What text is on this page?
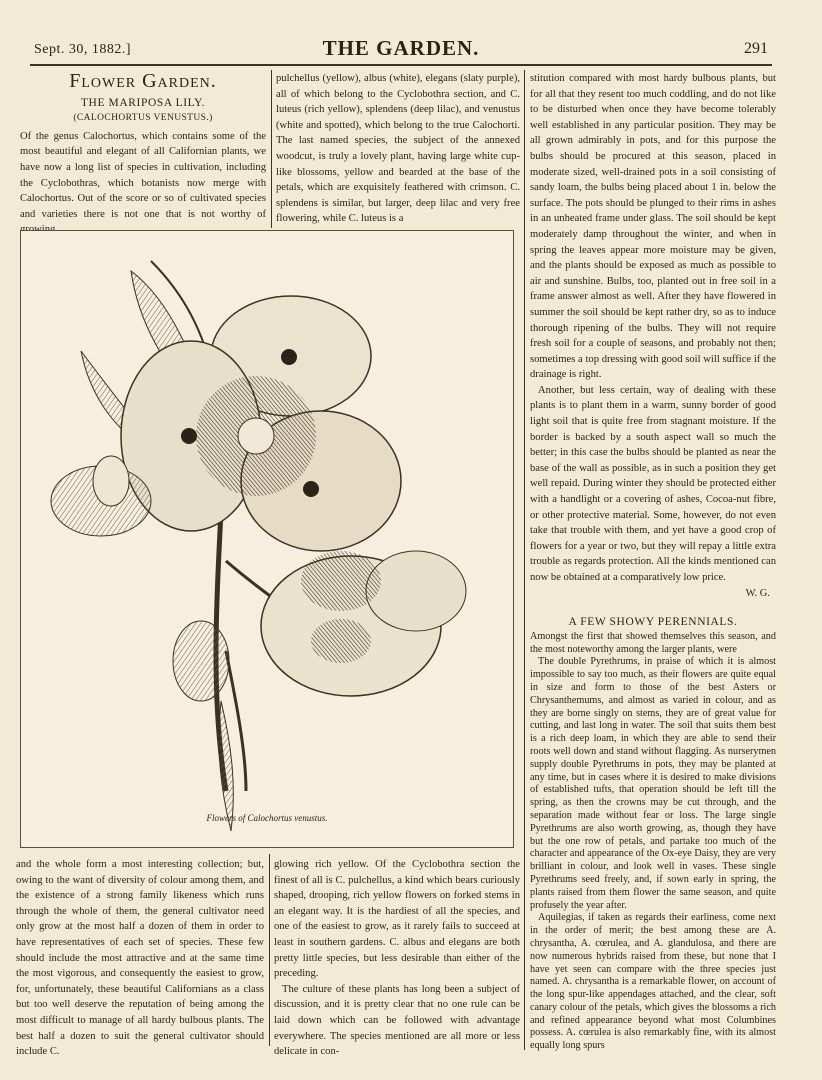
Sept. 30, 1882.]	THE GARDEN.	291
Flower Garden.
THE MARIPOSA LILY.
(CALOCHORTUS VENUSTUS.)

Of the genus Calochortus, which contains some of the most beautiful and elegant of all Californian plants, we have now a long list of species in cultivation, including the Cyclobothras, which botanists now merge with Calochortus. Out of the score or so of cultivated species and varieties there is not one that is not worthy of

pulchellus (yellow), albus (white), elegans (slaty purple), all of which belong to the Cyclobothra section, and C. luteus (rich yellow), splendens (deep lilac), and venustus (white and spotted), which belong to the true Calochorti. The last named species, the subject of the annexed woodcut, is truly a lovely plant, having large white cup-like blossoms, yellow and bearded at the base of the petals, which are exquisitely feathered with crimson. C. splendens is similar, but larger, deep lilac and very free flowering, while C. luteus is a

Flowers of Calochortus venustus.

and the whole form a most interesting collection; but, owing to the want of diversity of colour among them, and the existence of a strong family likeness which runs through the whole of them, the general cultivator need only grow at the most half a dozen of them in order to have representatives of each set of species. These few should include the most attractive and at the same time the most vigorous, and consequently the easiest to grow, for, unfortunately, these beautiful Californians as a class but too well deserve the reputation of being among the most difficult to manage of all hardy bulbous plants. The best half a dozen to suit the general cultivator should include C.

glowing rich yellow. Of the Cyclobothra section the finest of all is C. pulchellus, a kind which bears curiously shaped, drooping, rich yellow flowers on forked stems in an elegant way. It is the hardiest of all the species, and one of the easiest to grow, as it rarely fails to succeed at least in southern gardens. C. albus and elegans are both pretty little species, but less desirable than either of the preceding.

The culture of these plants has long been a subject of discussion, and it is pretty clear that no one rule can be laid down which can be followed with advantage everywhere. The species mentioned are all more or less delicate in con-

stitution compared with most hardy bulbous plants, but for all that they resent too much coddling, and do not like to be disturbed when once they have become tolerably well established in any particular position. They may be all grown admirably in pots, and for this purpose the bulbs should be procured at this season, placed in moderate sized, well-drained pots in a soil consisting of sandy loam, the bulbs being placed about 1 in. below the surface. The pots should be plunged to their rims in ashes in an unheated frame under glass. The soil should be kept moderately damp throughout the winter, and when in spring the leaves appear more moisture may be given, and the plants should be exposed as much as possible to air and sunshine. Bulbs, too, planted out in free soil in a frame answer almost as well. After they have flowered in summer the soil should be kept rather dry, so as to induce thorough ripening of the bulbs. They will not require fresh soil for a couple of seasons, and probably not then; sometimes a top dressing with good soil will suffice if the drainage is right.

Another, but less certain, way of dealing with these plants is to plant them in a warm, sunny border of good light soil that is quite free from stagnant moisture. If the border is backed by a south aspect wall so much the better; in this case the bulbs should be planted as near the base of the wall as possible, as in such a position they get well repaid. During winter they should be protected either with a handlight or a covering of ashes, Cocoa-nut fibre, or other protective material. Some, however, do not even take that trouble with them, and yet have a good crop of flowers for a year or two, but they will repay a little extra trouble as regards protection. All the kinds mentioned can now be obtained at a comparatively low price.

W. G.
A FEW SHOWY PERENNIALS.

Amongst the first that showed themselves this season, and the most noteworthy among the larger plants, were

The double Pyrethrums, in praise of which it is almost impossible to say too much, as their flowers are quite equal in size and form to those of the best Asters or Chrysanthemums, and almost as varied in colour, and as they are borne singly on stems, they are of great value for cutting, and last long in water. The soil that suits them best is a rich deep loam, in which they are able to send their roots well down and stand without flagging. As nurserymen supply double Pyrethrums in pots, they may be planted at any time, but in cases where it is desired to make divisions of established tufts, that operation should be left till the spring, as then the crowns may be cut through, and the separation made without fear or loss. The large single Pyrethrums are also worth growing, as, though they have but the one row of petals, and partake too much of the character and appearance of the Ox-eye Daisy, they are very brilliant in colour, and look well in vases. These single Pyrethrums seed freely, and, if sown early in spring, the plants raised from them flower the same season, and quite profusely the year after.

Aquilegias, if taken as regards their earliness, come next in the order of merit; the best among these are A. chrysantha, A. cœrulea, and A. glandulosa, and there are now numerous hybrids raised from these, but none that I have yet seen can compare with the three species just named. A. chrysantha is a remarkable flower, on account of the long spur-like appendages attached, and the clear, soft canary colour of the petals, which gives the blossoms a rich and refined appearance beyond what most Columbines possess. A. cœrulea is also remarkably fine, with its almost equally long spurs
